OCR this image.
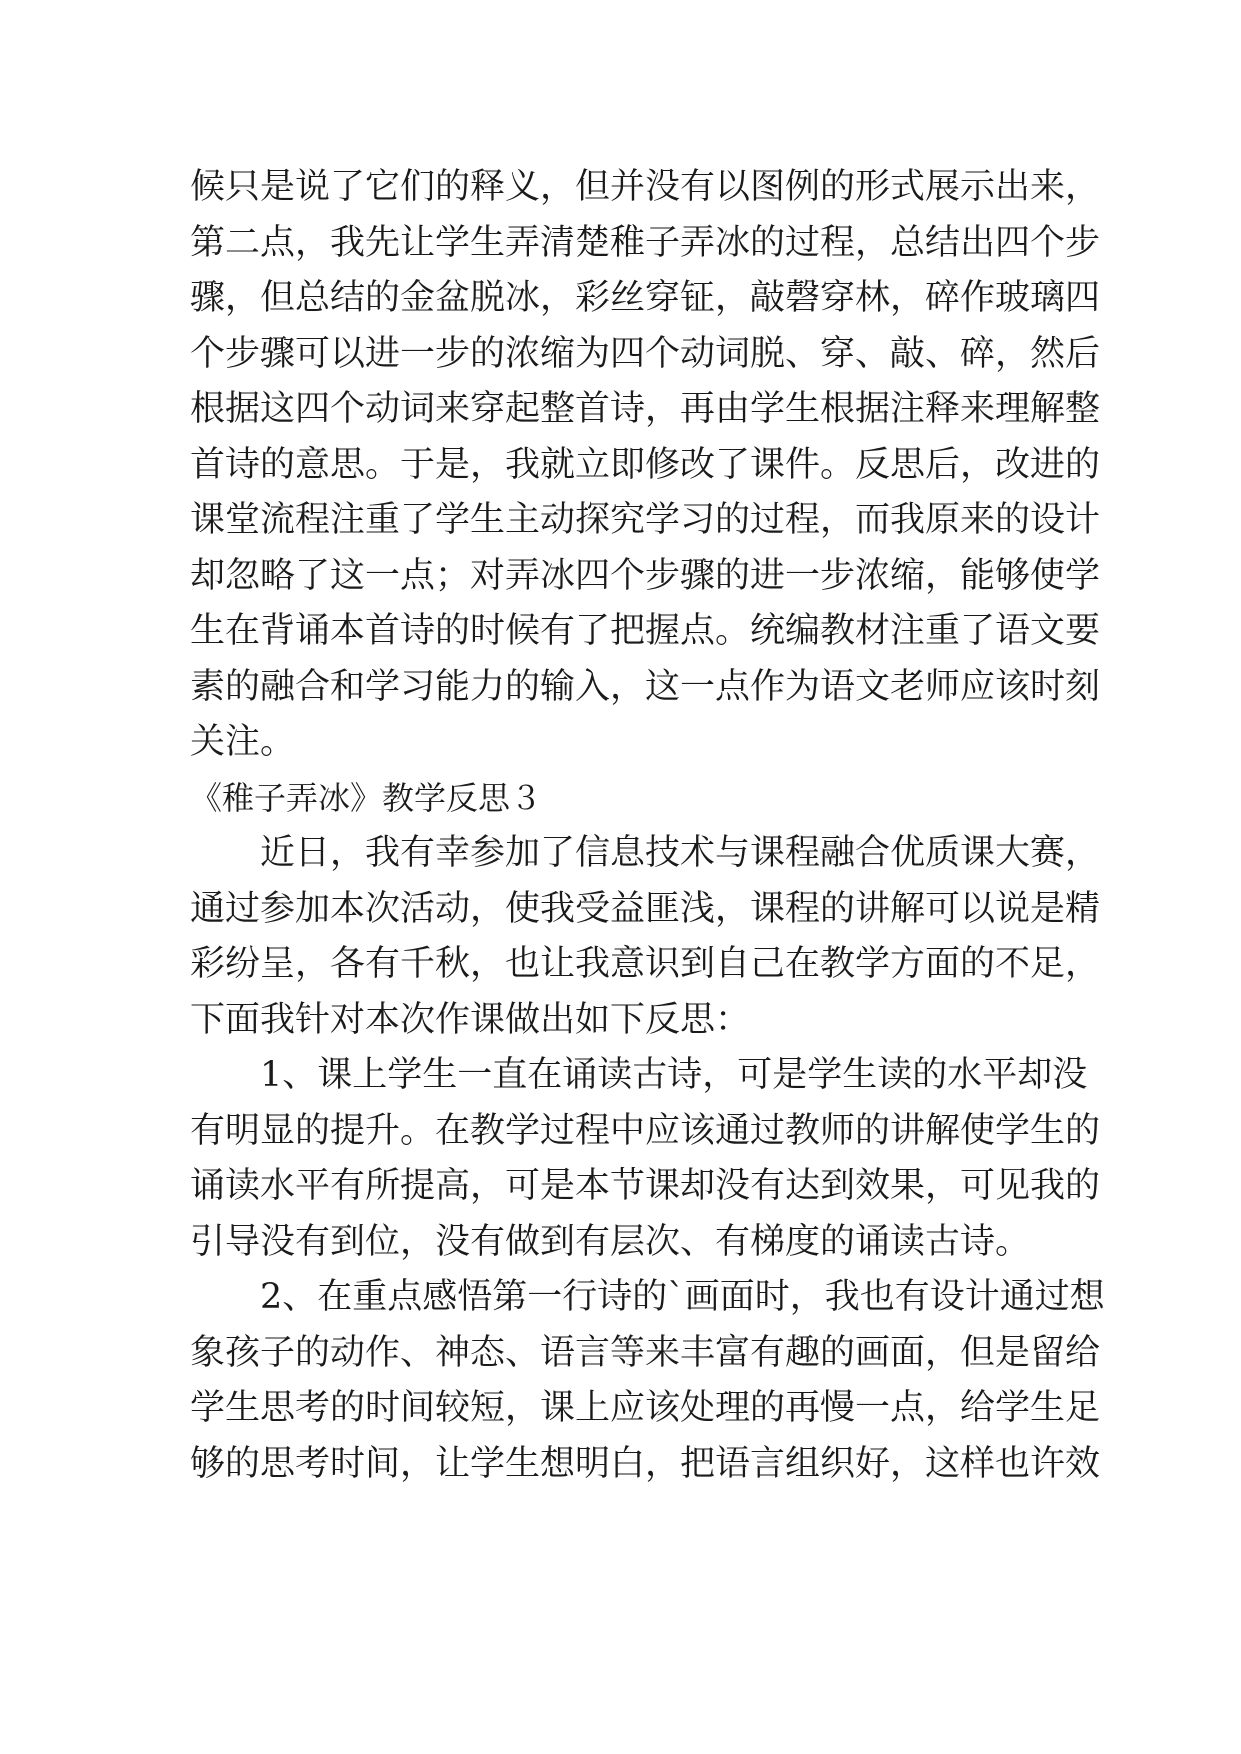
候只是说了它们的释义，但并没有以图例的形式展示出来，
第二点，我先让学生弄清楚稚子弄冰的过程，总结出四个步
骤，但总结的金盆脱冰，彩丝穿钲，敲磬穿林，碎作玻璃四
个步骤可以进一步的浓缩为四个动词脱、穿、敲、碎，然后
根据这四个动词来穿起整首诗，再由学生根据注释来理解整
首诗的意思。于是，我就立即修改了课件。反思后，改进的
课堂流程注重了学生主动探究学习的过程，而我原来的设计
却忽略了这一点；对弄冰四个步骤的进一步浓缩，能够使学
生在背诵本首诗的时候有了把握点。统编教材注重了语文要
素的融合和学习能力的输入，这一点作为语文老师应该时刻
关注。
《稚子弄冰》教学反思３
近日，我有幸参加了信息技术与课程融合优质课大赛，
通过参加本次活动，使我受益匪浅，课程的讲解可以说是精
彩纷呈，各有千秋，也让我意识到自己在教学方面的不足，
下面我针对本次作课做出如下反思：
1、课上学生一直在诵读古诗，可是学生读的水平却没
有明显的提升。在教学过程中应该通过教师的讲解使学生的
诵读水平有所提高，可是本节课却没有达到效果，可见我的
引导没有到位，没有做到有层次、有梯度的诵读古诗。
2、在重点感悟第一行诗的`画面时，我也有设计通过想
象孩子的动作、神态、语言等来丰富有趣的画面，但是留给
学生思考的时间较短，课上应该处理的再慢一点，给学生足
够的思考时间，让学生想明白，把语言组织好，这样也许效
